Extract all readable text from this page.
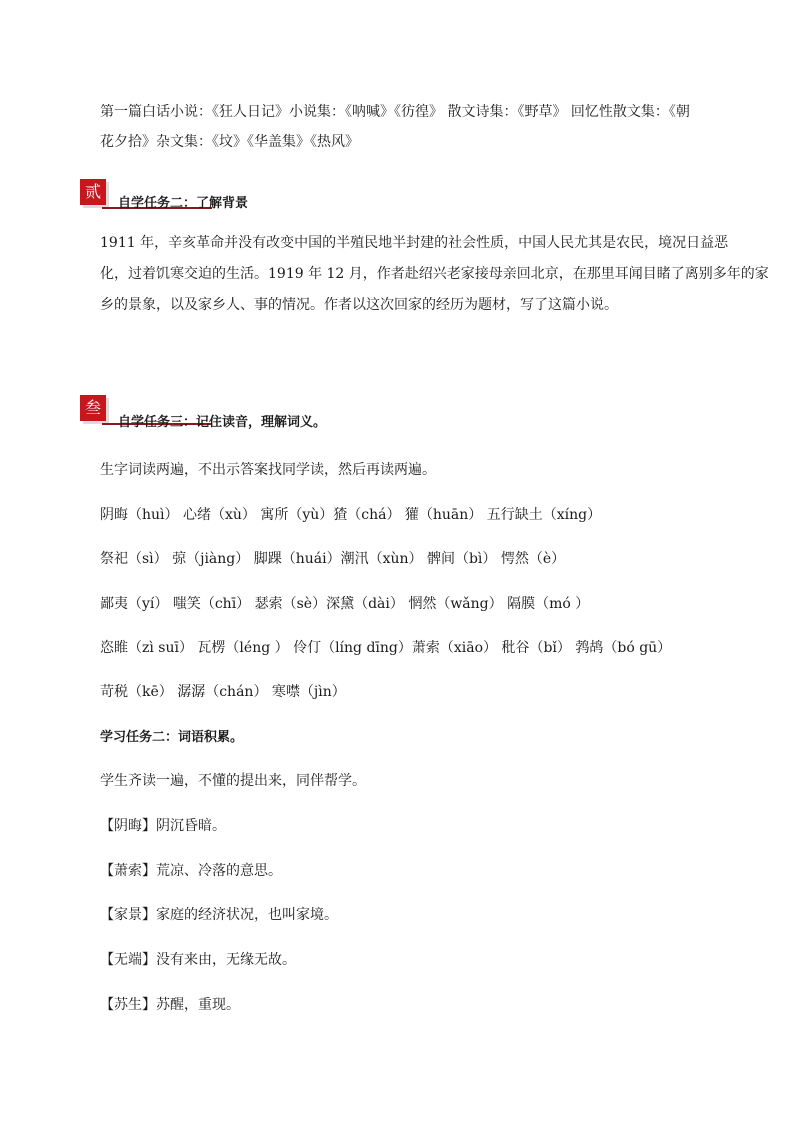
第一篇白话小说：《狂人日记》小说集：《呐喊》《彷徨》 散文诗集：《野草》 回忆性散文集：《朝

花夕拾》杂文集：《坟》《华盖集》《热风》

贰
自学任务二：了解背景

1911 年，辛亥革命并没有改变中国的半殖民地半封建的社会性质，中国人民尤其是农民，境况日益恶

化，过着饥寒交迫的生活。1919 年 12 月，作者赴绍兴老家接母亲回北京，在那里耳闻目睹了离别多年的家

乡的景象，以及家乡人、事的情况。作者以这次回家的经历为题材，写了这篇小说。

叁
自学任务三：记住读音，理解词义。

生字词读两遍，不出示答案找同学读，然后再读两遍。

阴晦（huì） 心绪（xù） 寓所（yù）猹（chá） 獾（huān） 五行缺土（xíng）

祭祀（sì） 弶（jiàng） 脚踝（huái）潮汛（xùn） 髀间（bì） 愕然（è）

鄙夷（yí） 嗤笑（chī） 瑟索（sè）深黛（dài） 惘然（wǎng） 隔膜（mó ）

恣睢（zì suī） 瓦楞（léng ） 伶仃（líng dīng）萧索（xiāo） 秕谷（bǐ） 鹁鸪（bó gū）

苛税（kē） 潺潺（chán） 寒噤（jìn）

学习任务二：词语积累。

学生齐读一遍，不懂的提出来，同伴帮学。

【阴晦】阴沉昏暗。

【萧索】荒凉、冷落的意思。

【家景】家庭的经济状况，也叫家境。

【无端】没有来由，无缘无故。

【苏生】苏醒，重现。
